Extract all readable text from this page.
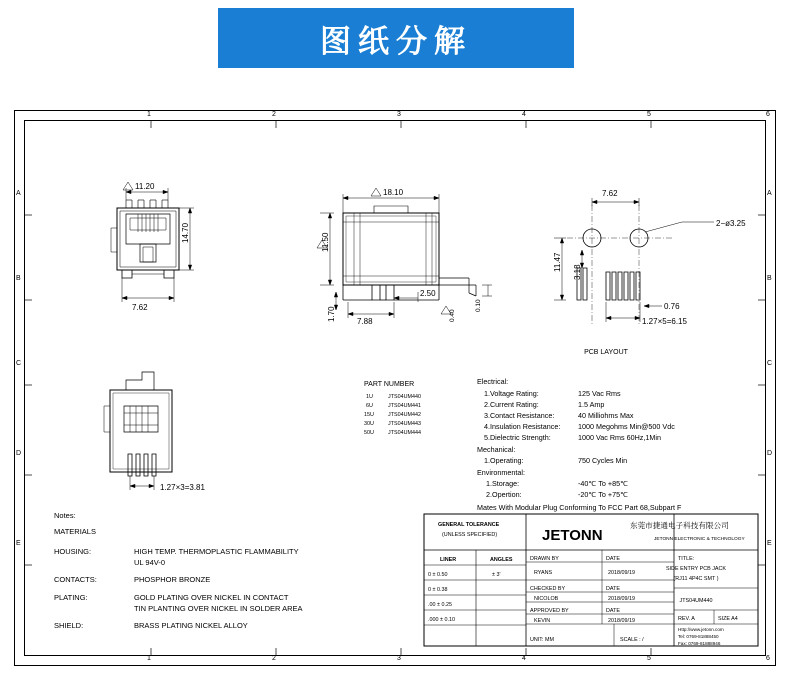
图纸分解
11.20
14.70
7.62
18.10
11.50
2.50
7.88
1.70
0.10
0.40
7.62
11.47
3.18
2−ø3.25
0.76
1.27×5=6.15
PCB LAYOUT
1.27×3=3.81
PART NUMBER
1U	JTS04UM440
6U	JTS04UM441
15U	JTS04UM442
30U	JTS04UM443
50U	JTS04UM444
Electrical:
1.Voltage Rating:	125 Vac Rms
2.Current Rating:	1.5 Amp
3.Contact Resistance:	40 Milliohms Max
4.Insulation Resistance: 1000 Megohms Min@500 Vdc
5.Dielectric Strength:	1000 Vac Rms 60Hz,1Min
Mechanical:
1.Operating:	750 Cycles Min
Environmental:
1.Storage:	-40℃ To +85℃
2.Opertion:	-20℃ To +75℃
Mates With Modular Plug Conforming To FCC Part 68,Subpart F
Notes:
MATERIALS
HOUSING:	HIGH TEMP. THERMOPLASTIC FLAMMABILITY
UL 94V-0
CONTACTS:	PHOSPHOR BRONZE
PLATING:	GOLD PLATING OVER NICKEL IN CONTACT
TIN PLANTING OVER NICKEL IN SOLDER AREA
SHIELD:	BRASS PLATING NICKEL ALLOY
GENERAL TOLERANCE
(UNLESS SPECIFIED)
LINER	ANGLES
0 ± 0.50	± 3'
0 ± 0.38
.00 ± 0.25
.000 ± 0.10
JETONN
东莞市捷通电子科技有限公司
JETONN ELECTRONIC & TECHNOLOGY
DRAWN BY	DATE
RYANS	2018/09/19
CHECKED BY	DATE
NICOLOB	2018/09/19
APPROVED BY	DATE
KEVIN	2018/09/19
UNIT: MM	SCALE : /
TITLE:
SIDE ENTRY PCB JACK
(RJ11 4P4C SMT )
JTS04UM440
REV. A	SIZE A4
Http://www.jetonn.com
Tel: 0769-81888450
Fax: 0769-81888946
1	2	3	4	5	6
1	2	3	4	5	6
A
B
C
D
E
A
B
C
D
E
